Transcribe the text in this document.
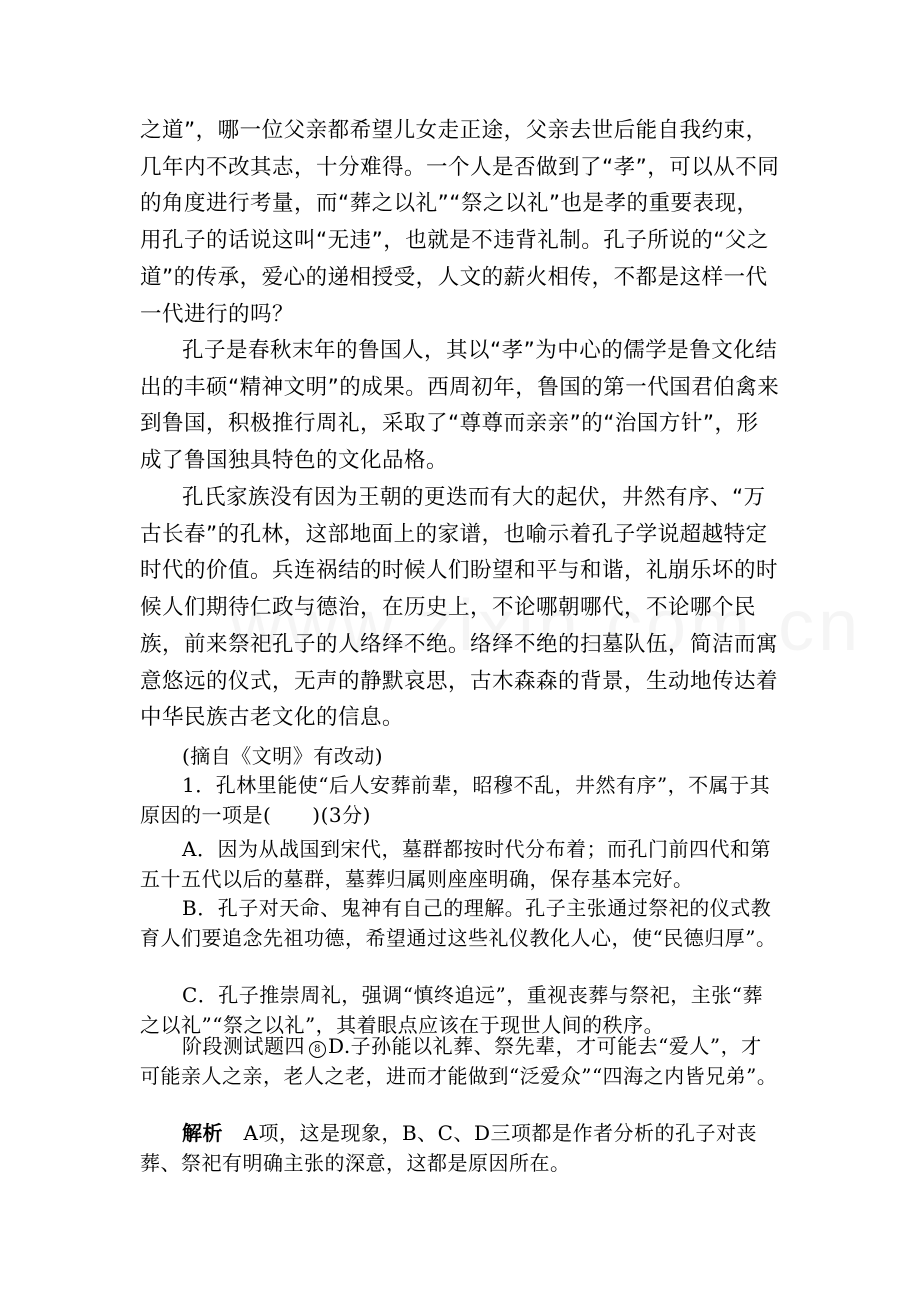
之道”，哪一位父亲都希望儿女走正途，父亲去世后能自我约束，几年内不改其志，十分难得。一个人是否做到了“孝”，可以从不同的角度进行考量，而“葬之以礼”“祭之以礼”也是孝的重要表现，用孔子的话说这叫“无违”，也就是不违背礼制。孔子所说的“父之道”的传承，爱心的递相授受，人文的薪火相传，不都是这样一代一代进行的吗？

孔子是春秋末年的鲁国人，其以“孝”为中心的儒学是鲁文化结出的丰硕“精神文明”的成果。西周初年，鲁国的第一代国君伯禽来到鲁国，积极推行周礼，采取了“尊尊而亲亲”的“治国方针”，形成了鲁国独具特色的文化品格。

孔氏家族没有因为王朝的更迭而有大的起伏，井然有序、“万古长春”的孔林，这部地面上的家谱，也喻示着孔子学说超越特定时代的价值。兵连祸结的时候人们盼望和平与和谐，礼崩乐坏的时候人们期待仁政与德治，在历史上，不论哪朝哪代，不论哪个民族，前来祭祀孔子的人络绎不绝。络绎不绝的扫墓队伍，简洁而寓意悠远的仪式，无声的静默哀思，古木森森的背景，生动地传达着中华民族古老文化的信息。

(摘自《文明》有改动)

1．孔林里能使“后人安葬前辈，昭穆不乱，井然有序”，不属于其原因的一项是(　　)(3分)

A．因为从战国到宋代，墓群都按时代分布着；而孔门前四代和第五十五代以后的墓群，墓葬归属则座座明确，保存基本完好。

B．孔子对天命、鬼神有自己的理解。孔子主张通过祭祀的仪式教育人们要追念先祖功德，希望通过这些礼仪教化人心，使“民德归厚”。

C．孔子推崇周礼，强调“慎终追远”，重视丧葬与祭祀，主张“葬之以礼”“祭之以礼”，其着眼点应该在于现世人间的秩序。

阶段测试题四 8 D.子孙能以礼葬、祭先辈，才可能去“爱人”，才可能亲人之亲，老人之老，进而才能做到“泛爱众”“四海之内皆兄弟”。

解析　A项，这是现象，B、C、D三项都是作者分析的孔子对丧葬、祭祀有明确主张的深意，这都是原因所在。
